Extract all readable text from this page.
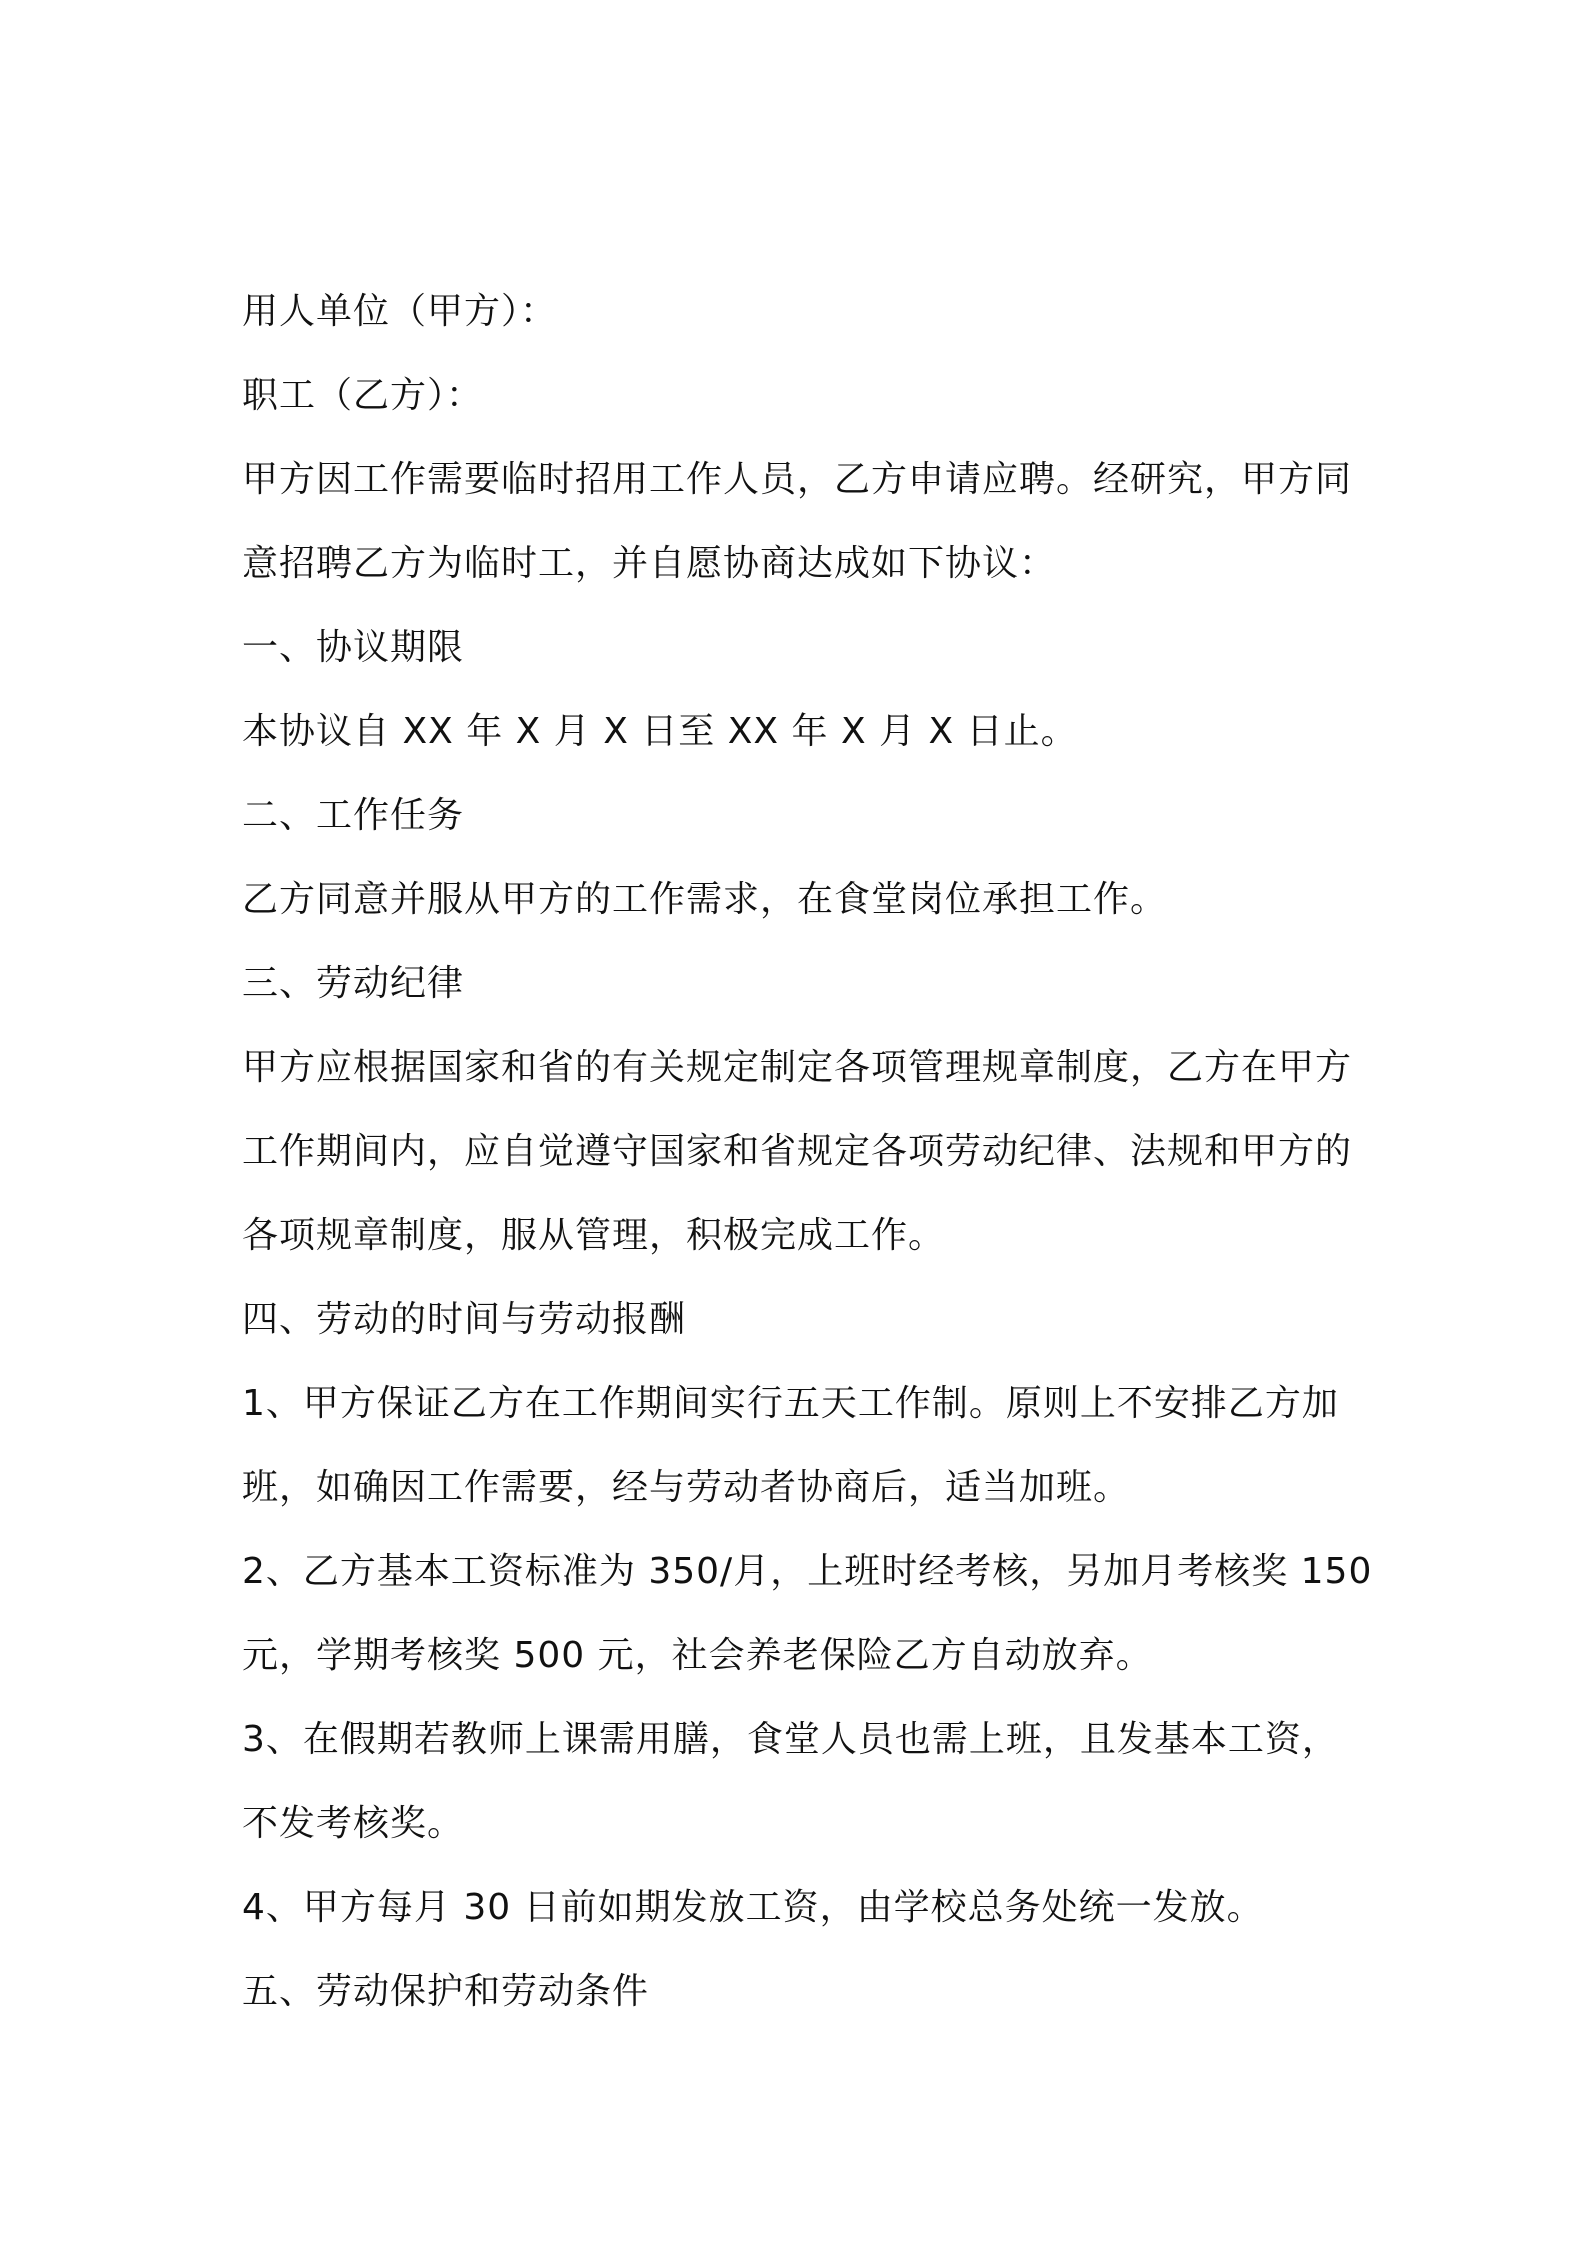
用人单位（甲方）：
职工（乙方）：
甲方因工作需要临时招用工作人员，乙方申请应聘。经研究，甲方同
意招聘乙方为临时工，并自愿协商达成如下协议：
一、协议期限
本协议自 XX 年 X 月 X 日至 XX 年 X 月 X 日止。
二、工作任务
乙方同意并服从甲方的工作需求，在食堂岗位承担工作。
三、劳动纪律
甲方应根据国家和省的有关规定制定各项管理规章制度，乙方在甲方
工作期间内，应自觉遵守国家和省规定各项劳动纪律、法规和甲方的
各项规章制度，服从管理，积极完成工作。
四、劳动的时间与劳动报酬
1、甲方保证乙方在工作期间实行五天工作制。原则上不安排乙方加
班，如确因工作需要，经与劳动者协商后，适当加班。
2、乙方基本工资标准为 350/月，上班时经考核，另加月考核奖 150
元，学期考核奖 500 元，社会养老保险乙方自动放弃。
3、在假期若教师上课需用膳，食堂人员也需上班，且发基本工资，
不发考核奖。
4、甲方每月 30 日前如期发放工资，由学校总务处统一发放。
五、劳动保护和劳动条件
